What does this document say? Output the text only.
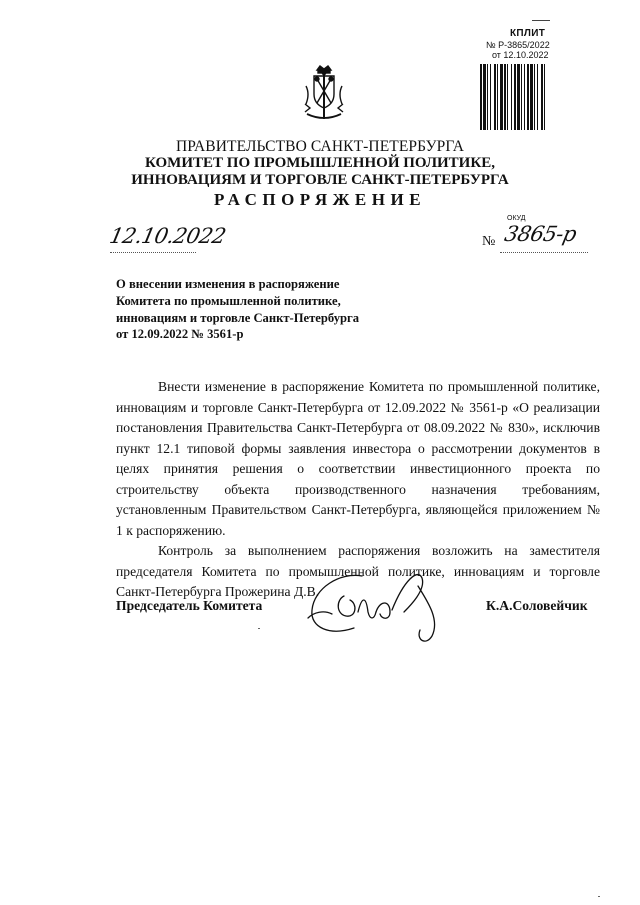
КПЛИТ
№ Р-3865/2022
от 12.10.2022
ПРАВИТЕЛЬСТВО САНКТ-ПЕТЕРБУРГА
КОМИТЕТ ПО ПРОМЫШЛЕННОЙ ПОЛИТИКЕ,
ИННОВАЦИЯМ И ТОРГОВЛЕ САНКТ-ПЕТЕРБУРГА
РАСПОРЯЖЕНИЕ
ОКУД
12.10.2022	№ 3865-р
О внесении изменения в распоряжение
Комитета по промышленной политике,
инновациям и торговле Санкт-Петербурга
от 12.09.2022 № 3561-р

Внести изменение в распоряжение Комитета по промышленной политике, инновациям и торговле Санкт-Петербурга от 12.09.2022 № 3561-р «О реализации постановления Правительства Санкт-Петербурга от 08.09.2022 № 830», исключив пункт 12.1 типовой формы заявления инвестора о рассмотрении документов в целях принятия решения о соответствии инвестиционного проекта по строительству объекта производственного назначения требованиям, установленным Правительством Санкт-Петербурга, являющейся приложением № 1 к распоряжению.

Контроль за выполнением распоряжения возложить на заместителя председателя Комитета по промышленной политике, инновациям и торговле Санкт-Петербурга Прожерина Д.В.

Председатель Комитета	К.А.Соловейчик
